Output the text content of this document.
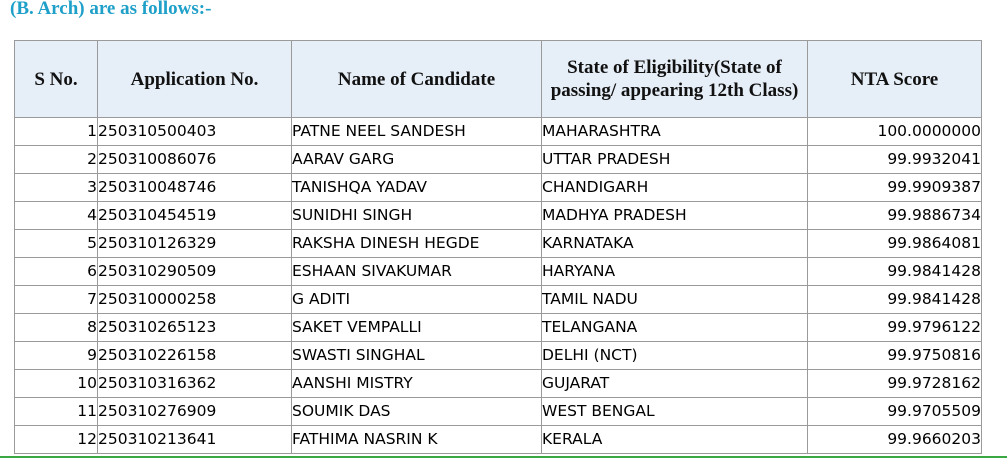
(B. Arch) are as follows:-
S No.	Application No.	Name of Candidate	State of Eligibility(State of passing/ appearing 12th Class)	NTA Score
1	250310500403	PATNE NEEL SANDESH	MAHARASHTRA	100.0000000
2	250310086076	AARAV GARG	UTTAR PRADESH	99.9932041
3	250310048746	TANISHQA YADAV	CHANDIGARH	99.9909387
4	250310454519	SUNIDHI SINGH	MADHYA PRADESH	99.9886734
5	250310126329	RAKSHA DINESH HEGDE	KARNATAKA	99.9864081
6	250310290509	ESHAAN SIVAKUMAR	HARYANA	99.9841428
7	250310000258	G ADITI	TAMIL NADU	99.9841428
8	250310265123	SAKET VEMPALLI	TELANGANA	99.9796122
9	250310226158	SWASTI SINGHAL	DELHI (NCT)	99.9750816
10	250310316362	AANSHI MISTRY	GUJARAT	99.9728162
11	250310276909	SOUMIK DAS	WEST BENGAL	99.9705509
12	250310213641	FATHIMA NASRIN K	KERALA	99.9660203
